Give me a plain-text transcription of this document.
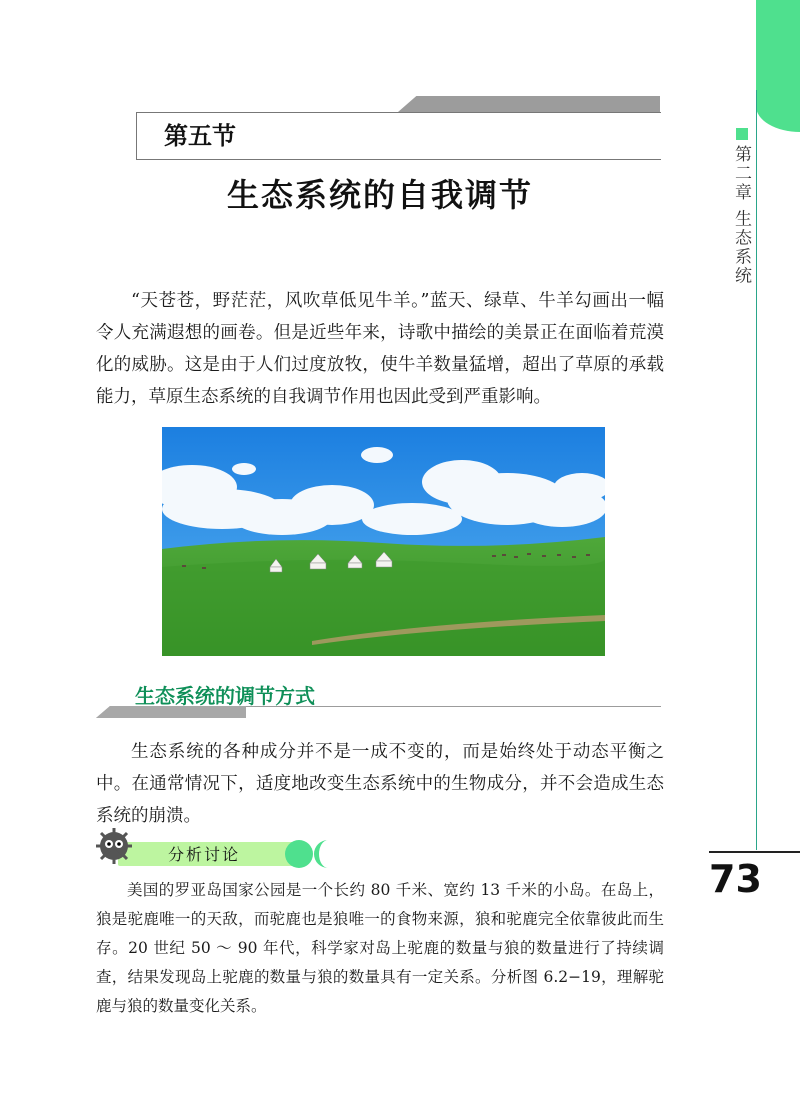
第二章 生态系统
73
第五节
生态系统的自我调节

“天苍苍，野茫茫，风吹草低见牛羊。”蓝天、绿草、牛羊勾画出一幅令人充满遐想的画卷。但是近些年来，诗歌中描绘的美景正在面临着荒漠化的威胁。这是由于人们过度放牧，使牛羊数量猛增，超出了草原的承载能力，草原生态系统的自我调节作用也因此受到严重影响。

生态系统的调节方式

生态系统的各种成分并不是一成不变的，而是始终处于动态平衡之中。在通常情况下，适度地改变生态系统中的生物成分，并不会造成生态系统的崩溃。

分析讨论

美国的罗亚岛国家公园是一个长约 80 千米、宽约 13 千米的小岛。在岛上，狼是驼鹿唯一的天敌，而驼鹿也是狼唯一的食物来源，狼和驼鹿完全依靠彼此而生存。20 世纪 50 ～ 90 年代，科学家对岛上驼鹿的数量与狼的数量进行了持续调查，结果发现岛上驼鹿的数量与狼的数量具有一定关系。分析图 6.2−19，理解驼鹿与狼的数量变化关系。
